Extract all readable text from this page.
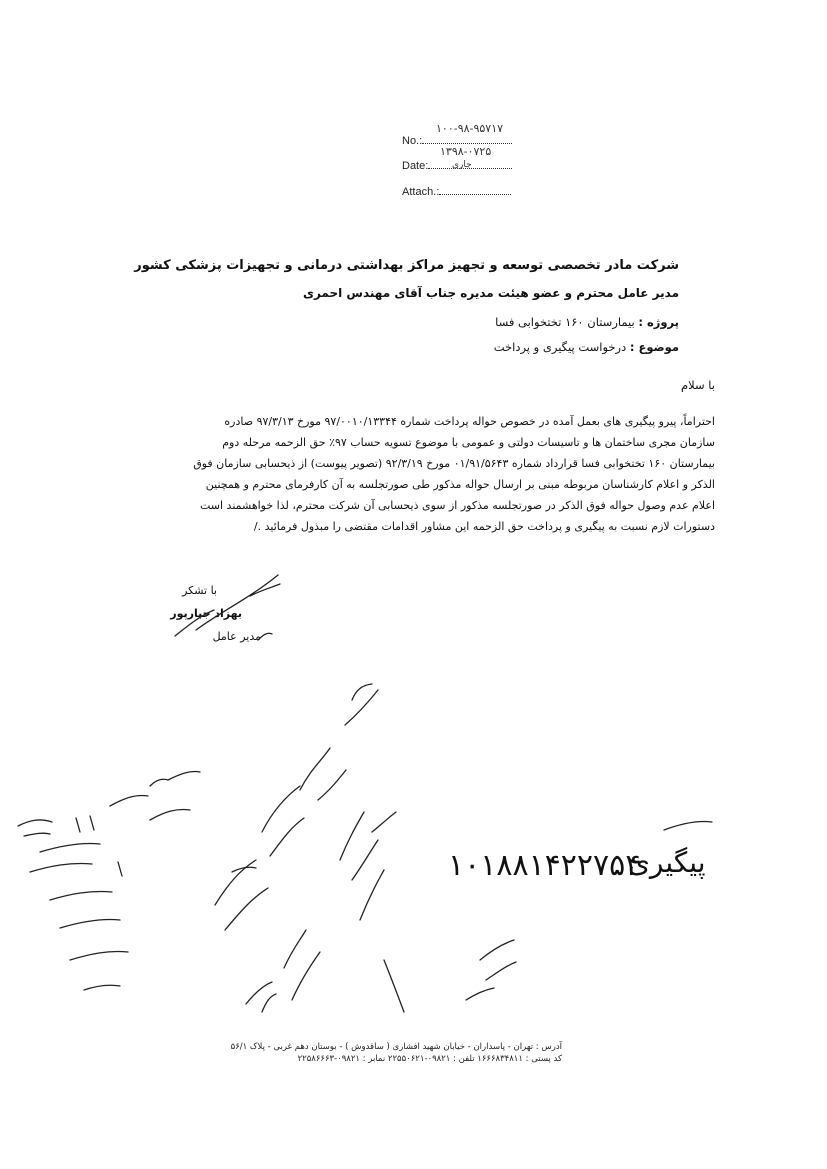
۱۰۰-۹۸-۹۵۷۱۷
No.:
۱۳۹۸-۰۷۲۵
Date:	جاری
Attach.:
شرکت مادر تخصصی توسعه و تجهیز مراکز بهداشتی درمانی و تجهیزات پزشکی کشور
مدیر عامل محترم و عضو هیئت مدیره جناب آقای مهندس احمری
پروژه : بیمارستان ۱۶۰ تختخوابی فسا
موضوع : درخواست پیگیری و پرداخت
با سلام
احتراماً، پیرو پیگیری های بعمل آمده در خصوص حواله پرداخت شماره ۹۷/۰۰۱۰/۱۳۳۴۴ مورخ ۹۷/۳/۱۳ صادره
سازمان مجری ساختمان ها و تاسیسات دولتی و عمومی با موضوع تسویه حساب ۹۷٪ حق الزحمه مرحله دوم
بیمارستان ۱۶۰ تختخوابی فسا قرارداد شماره ۰۱/۹۱/۵۶۴۳ مورخ ۹۲/۳/۱۹ (تصویر پیوست) از ذیحسابی سازمان فوق
الذکر و اعلام کارشناسان مربوطه مبنی بر ارسال حواله مذکور طی صورتجلسه به آن کارفرمای محترم و همچنین
اعلام عدم وصول حواله فوق الذکر در صورتجلسه مذکور از سوی ذیحسابی آن شرکت محترم، لذا خواهشمند است
دستورات لازم نسبت به پیگیری و پرداخت حق الزحمه این مشاور اقدامات مقتضی را مبذول فرمائید ./
با تشکر
بهزاد جبارپور
مدیر عامل
۱۰۱۸۸۱۴۲۲۷۵۴
پیگیری
آدرس : تهران - پاسداران - خیابان شهید افشاری ( ساقدوش ) - بوستان دهم غربی - پلاک ۵۶/۱
کد پستی : ۱۶۶۶۸۳۴۸۱۱ تلفن : ۰۹۸۲۱-۲۲۵۵۰۶۲۱ نمابر : ۰۹۸۲۱-۲۲۵۸۶۶۶۳
